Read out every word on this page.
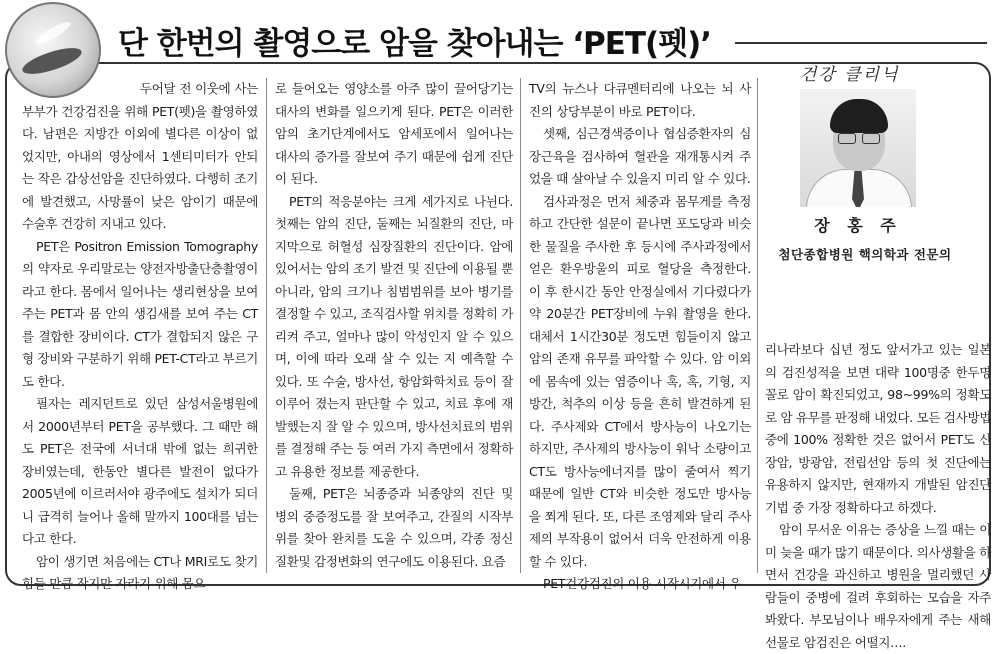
단 한번의 촬영으로 암을 찾아내는 ‘PET(펫)’

두어달 전 이웃에 사는 부부가 건강검진을 위해 PET(펫)을 촬영하였다. 남편은 지방간 이외에 별다른 이상이 없었지만, 아내의 영상에서 1센티미터가 안되는 작은 갑상선암을 진단하였다. 다행히 조기에 발견했고, 사망률이 낮은 암이기 때문에 수술후 건강히 지내고 있다.

PET은 Positron Emission Tomography의 약자로 우리말로는 양전자방출단층촬영이라고 한다. 몸에서 일어나는 생리현상을 보여 주는 PET과 몸 안의 생김새를 보여 주는 CT를 결합한 장비이다. CT가 결합되지 않은 구형 장비와 구분하기 위해 PET-CT라고 부르기도 한다.

필자는 레지던트로 있던 삼성서울병원에서 2000년부터 PET을 공부했다. 그 때만 해도 PET은 전국에 서너대 밖에 없는 희귀한 장비였는데, 한동안 별다른 발전이 없다가 2005년에 이르러서야 광주에도 설치가 되더니 급격히 늘어나 올해 말까지 100대를 넘는다고 한다.

암이 생기면 처음에는 CT나 MRI로도 찾기 힘들 만큼 작지만 자라기 위해 몸으

로 들어오는 영양소를 아주 많이 끌어당기는 대사의 변화를 일으키게 된다. PET은 이러한 암의 초기단계에서도 암세포에서 일어나는 대사의 증가를 잘보여 주기 때문에 쉽게 진단이 된다.

PET의 적응분야는 크게 세가지로 나뉜다. 첫째는 암의 진단, 둘째는 뇌질환의 진단, 마지막으로 허혈성 심장질환의 진단이다. 암에 있어서는 암의 조기 발견 및 진단에 이용될 뿐 아니라, 암의 크기나 침범범위를 보아 병기를 결정할 수 있고, 조직검사할 위치를 정확히 가리켜 주고, 얼마나 많이 악성인지 알 수 있으며, 이에 따라 오래 살 수 있는 지 예측할 수 있다. 또 수술, 방사선, 항암화학치료 등이 잘 이루어 졌는지 판단할 수 있고, 치료 후에 재발했는지 잘 알 수 있으며, 방사선치료의 범위를 결정해 주는 등 여러 가지 측면에서 정확하고 유용한 정보를 제공한다.

둘째, PET은 뇌종증과 뇌종양의 진단 및 병의 중증정도를 잘 보여주고, 간질의 시작부위를 찾아 완치를 도울 수 있으며, 각종 정신질환및 감정변화의 연구에도 이용된다. 요즘

TV의 뉴스나 다큐멘터리에 나오는 뇌 사진의 상당부분이 바로 PET이다.

셋째, 심근경색증이나 협심증환자의 심장근육을 검사하여 혈관을 재개통시켜 주었을 때 살아날 수 있을지 미리 알 수 있다.

검사과정은 먼저 체중과 몸무게를 측정하고 간단한 설문이 끝나면 포도당과 비슷한 물질을 주사한 후 등시에 주사과정에서 얻은 환우방울의 피로 혈당을 측정한다. 이 후 한시간 동안 안정실에서 기다렸다가 약 20분간 PET장비에 누워 촬영을 한다. 대체서 1시간30분 정도면 힘들이지 않고 암의 존재 유무를 파악할 수 있다. 암 이외에 몸속에 있는 염증이나 혹, 혹, 기형, 지방간, 척추의 이상 등을 흔히 발견하게 된다. 주사제와 CT에서 방사능이 나오기는 하지만, 주사제의 방사능이 워낙 소량이고 CT도 방사능에너지를 많이 줄여서 찍기 때문에 일반 CT와 비슷한 정도만 방사능을 쬐게 된다. 또, 다른 조영제와 달리 주사제의 부작용이 없어서 더욱 안전하게 이용할 수 있다.

PET건강검진의 이용 시작시기에서 우

건강 클리닉
장 홍 주
첨단종합병원 핵의학과 전문의

리나라보다 십년 정도 앞서가고 있는 일본의 검진성적을 보면 대략 100명중 한두명 꼴로 암이 확진되었고, 98~99%의 정확도로 암 유무를 판정해 내었다. 모든 검사방법 중에 100% 정확한 것은 없어서 PET도 신장암, 방광암, 전립선암 등의 첫 진단에는 유용하지 않지만, 현재까지 개발된 암진단기법 중 가장 정확하다고 하겠다.

암이 무서운 이유는 증상을 느낄 때는 이미 늦을 때가 많기 때문이다. 의사생활을 하면서 건강을 과신하고 병원을 멀리했던 사람들이 중병에 걸려 후회하는 모습을 자주 봐왔다. 부모님이나 배우자에게 주는 새해 선물로 암검진은 어떨지….
